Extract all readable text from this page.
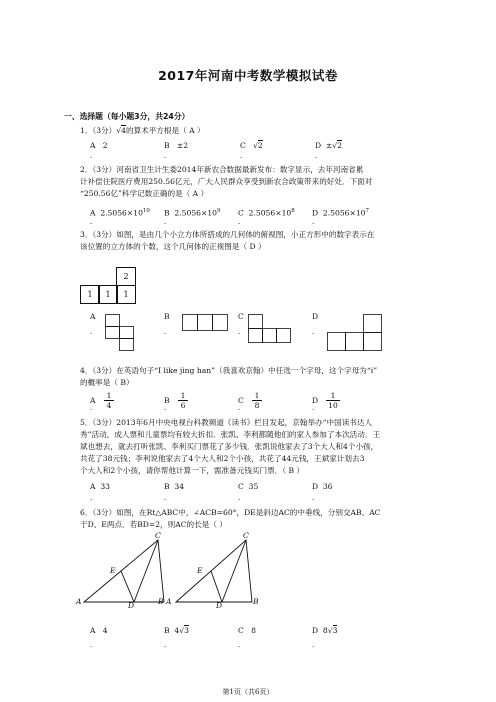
2017年河南中考数学模拟试卷
一、选择题（每小题3分，共24分）
1．（3分）√4的算术平方根是（ A ）
A   2	B   ±2	C   √2	D  ±√2
.	.	.	.
2．（3分）河南省卫生计生委2014年新农合数据最新发布：数字显示，去年河南省累
计补偿住院医疗费用250.56亿元，广大人民群众享受到新农合政策带来的好处．下面对
“250.56亿”科学记数正确的是（ A ）
A  $2.5056\times 10^{10}$ B  $2.5056\times 10^9$ C  $2.5056\times 10^8$ D  $2.5056\times 10^7$
.	.	.	.
3．（3分）如图，是由几个小立方体所搭成的几何体的俯视图，小正方形中的数字表示在
该位置的立方体的个数，这个几何体的正视图是（ D ）
2
1	1	1
A	B	C	D
.	.	.	.
4．（3分）在英语句子“I like jing han”（我喜欢京翰）中任选一个字母，这个字母为“i”
的概率是（ B）
A $\frac{1}{4}$	B $\frac{1}{6}$	C $\frac{1}{8}$	D $\frac{1}{10}$
.	.	.	.
5．（3分）2013年6月中央电视台科教频道《读书》栏目发起，京翰举办“中国读书达人
秀”活动，成人票和儿童票均有较大折扣．张凯、李利都随他们的家人参加了本次活动．王
斌也想去，就去打听张凯、李利买门票花了多少钱．张凯说他家去了3个大人和4个小孩，
共花了38元钱；李利说他家去了4个大人和2个小孩，共花了44元钱，王斌家计划去3
个大人和2个小孩，请你帮他计算一下，需准备元钱买门票．（ B ）
A  33	B  34	C  35	D  36
.	.	.	.
6．（3分）如图，在Rt△ABC中，∠ACB=60°，DE是斜边AC的中垂线，分别交AB、AC
于D、E两点．若BD=2，则AC的长是（ ）
C
E
A	D	B
C
E
A	D	B
A   4	B  4√3	C   8	D  8√3
.	.	.	.
第1页（共6页）
